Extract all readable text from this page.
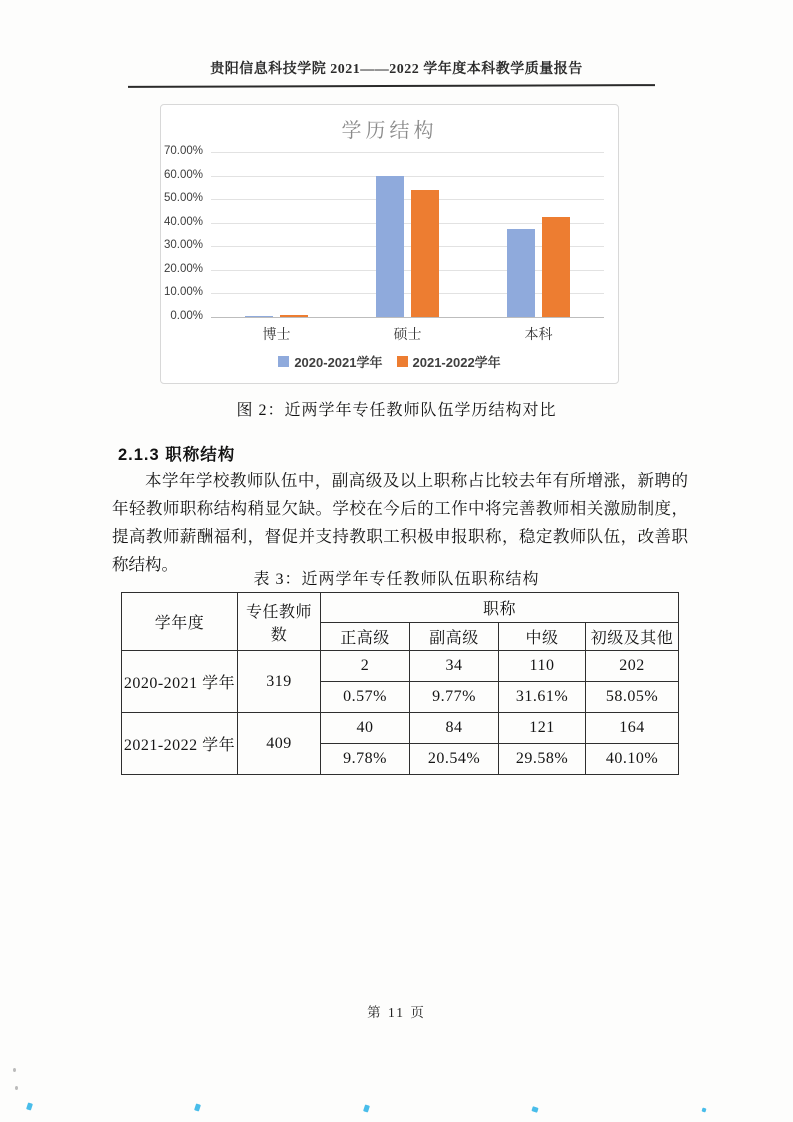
贵阳信息科技学院 2021——2022 学年度本科教学质量报告
学历结构
70.00%
60.00%
50.00%
40.00%
30.00%
20.00%
10.00%
0.00%
博士	硕士	本科
2020-2021学年 2021-2022学年
图 2：近两学年专任教师队伍学历结构对比
2.1.3 职称结构
本学年学校教师队伍中，副高级及以上职称占比较去年有所增涨，新聘的年轻教师职称结构稍显欠缺。学校在今后的工作中将完善教师相关激励制度，提高教师薪酬福利，督促并支持教职工积极申报职称，稳定教师队伍，改善职称结构。
表 3：近两学年专任教师队伍职称结构
学年度	专任教师数	职称			
		正高级	副高级	中级	初级及其他
2020-2021 学年	319	2	34	110	202
		0.57%	9.77%	31.61%	58.05%
2021-2022 学年	409	40	84	121	164
		9.78%	20.54%	29.58%	40.10%
第 11 页
